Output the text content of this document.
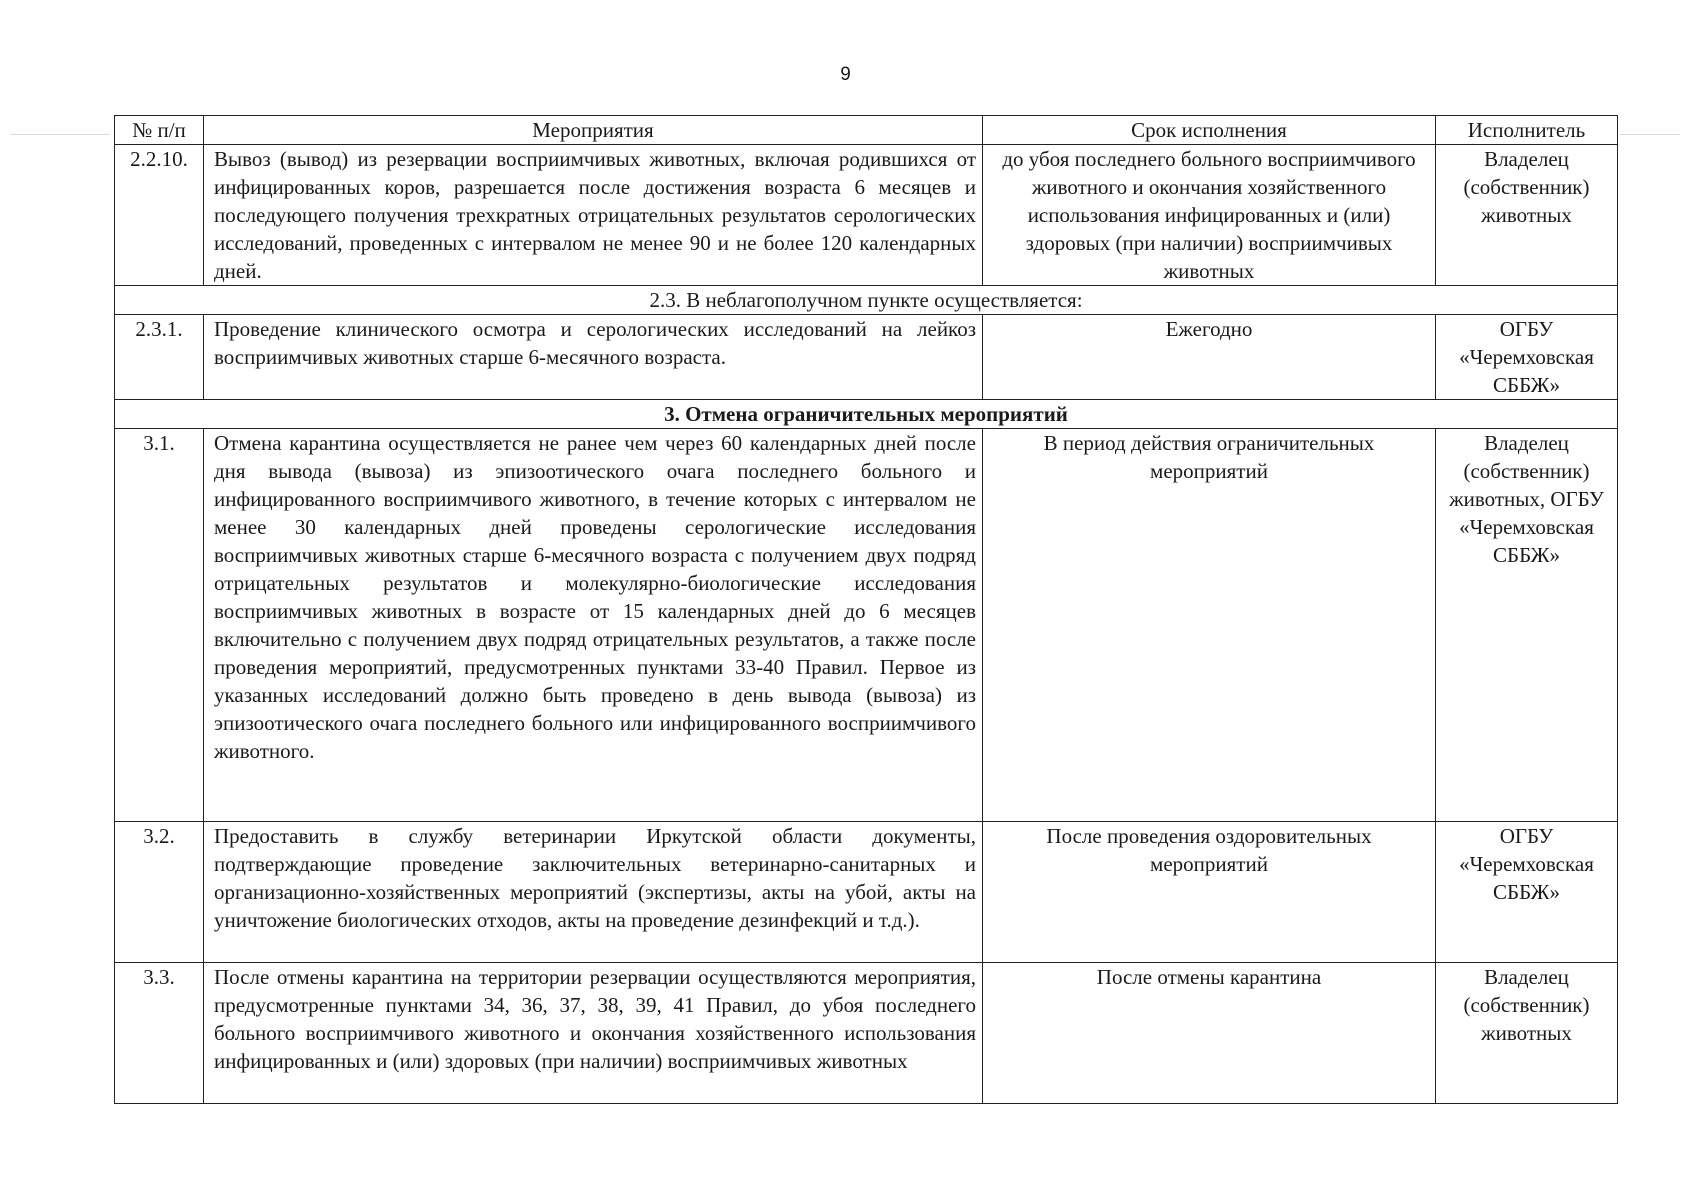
9
№ п/п	Мероприятия	Срок исполнения	Исполнитель
2.2.10.	Вывоз (вывод) из резервации восприимчивых животных, включая родившихся от инфицированных коров, разрешается после достижения возраста 6 месяцев и последующего получения трехкратных отрицательных результатов серологических исследований, проведенных с интервалом не менее 90 и не более 120 календарных дней.	до убоя последнего больного восприимчивого животного и окончания хозяйственного использования инфицированных и (или) здоровых (при наличии) восприимчивых животных	Владелец (собственник) животных
2.3. В неблагополучном пункте осуществляется:			
2.3.1.	Проведение клинического осмотра и серологических исследований на лейкоз восприимчивых животных старше 6-месячного возраста.	Ежегодно	ОГБУ «Черемховская СББЖ»
3. Отмена ограничительных мероприятий			
3.1.	Отмена карантина осуществляется не ранее чем через 60 календарных дней после дня вывода (вывоза) из эпизоотического очага последнего больного и инфицированного восприимчивого животного, в течение которых с интервалом не менее 30 календарных дней проведены серологические исследования восприимчивых животных старше 6-месячного возраста с получением двух подряд отрицательных результатов и молекулярно-биологические исследования восприимчивых животных в возрасте от 15 календарных дней до 6 месяцев включительно с получением двух подряд отрицательных результатов, а также после проведения мероприятий, предусмотренных пунктами 33-40 Правил. Первое из указанных исследований должно быть проведено в день вывода (вывоза) из эпизоотического очага последнего больного или инфицированного восприимчивого животного.	В период действия ограничительных мероприятий	Владелец (собственник) животных, ОГБУ «Черемховская СББЖ»
3.2.	Предоставить в службу ветеринарии Иркутской области документы, подтверждающие проведение заключительных ветеринарно-санитарных и организационно-хозяйственных мероприятий (экспертизы, акты на убой, акты на уничтожение биологических отходов, акты на проведение дезинфекций и т.д.).	После проведения оздоровительных мероприятий	ОГБУ «Черемховская СББЖ»
3.3.	После отмены карантина на территории резервации осуществляются мероприятия, предусмотренные пунктами 34, 36, 37, 38, 39, 41 Правил, до убоя последнего больного восприимчивого животного и окончания хозяйственного использования инфицированных и (или) здоровых (при наличии) восприимчивых животных	После отмены карантина	Владелец (собственник) животных
